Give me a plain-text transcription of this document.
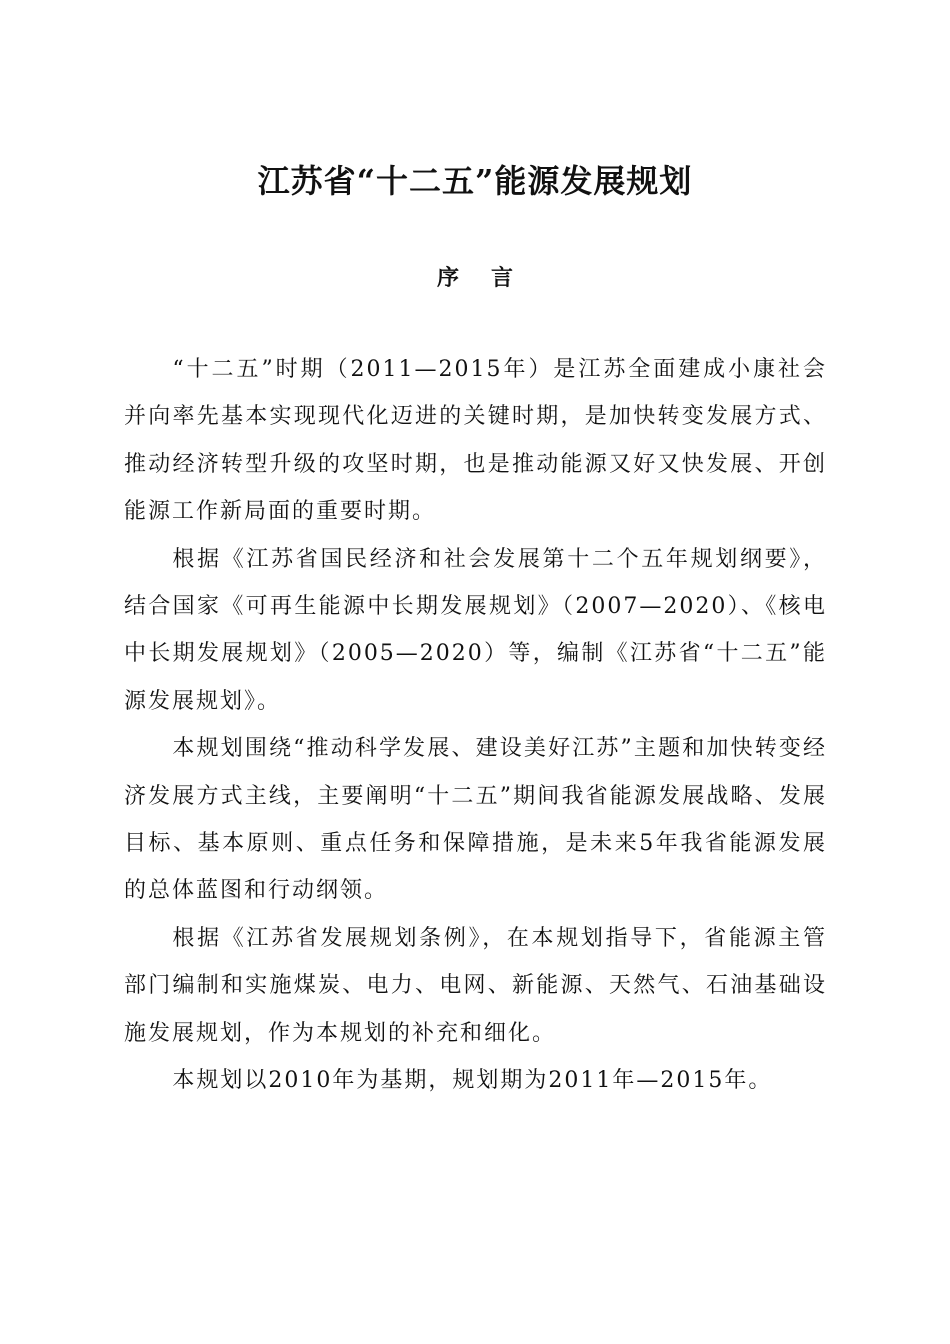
江苏省“十二五”能源发展规划
序 言

“十二五”时期（2011—2015年）是江苏全面建成小康社会并向率先基本实现现代化迈进的关键时期，是加快转变发展方式、推动经济转型升级的攻坚时期，也是推动能源又好又快发展、开创能源工作新局面的重要时期。

根据《江苏省国民经济和社会发展第十二个五年规划纲要》，结合国家《可再生能源中长期发展规划》（2007—2020）、《核电中长期发展规划》（2005—2020）等，编制《江苏省“十二五”能源发展规划》。

本规划围绕“推动科学发展、建设美好江苏”主题和加快转变经济发展方式主线，主要阐明“十二五”期间我省能源发展战略、发展目标、基本原则、重点任务和保障措施，是未来5年我省能源发展的总体蓝图和行动纲领。

根据《江苏省发展规划条例》，在本规划指导下，省能源主管部门编制和实施煤炭、电力、电网、新能源、天然气、石油基础设施发展规划，作为本规划的补充和细化。

本规划以2010年为基期，规划期为2011年—2015年。
